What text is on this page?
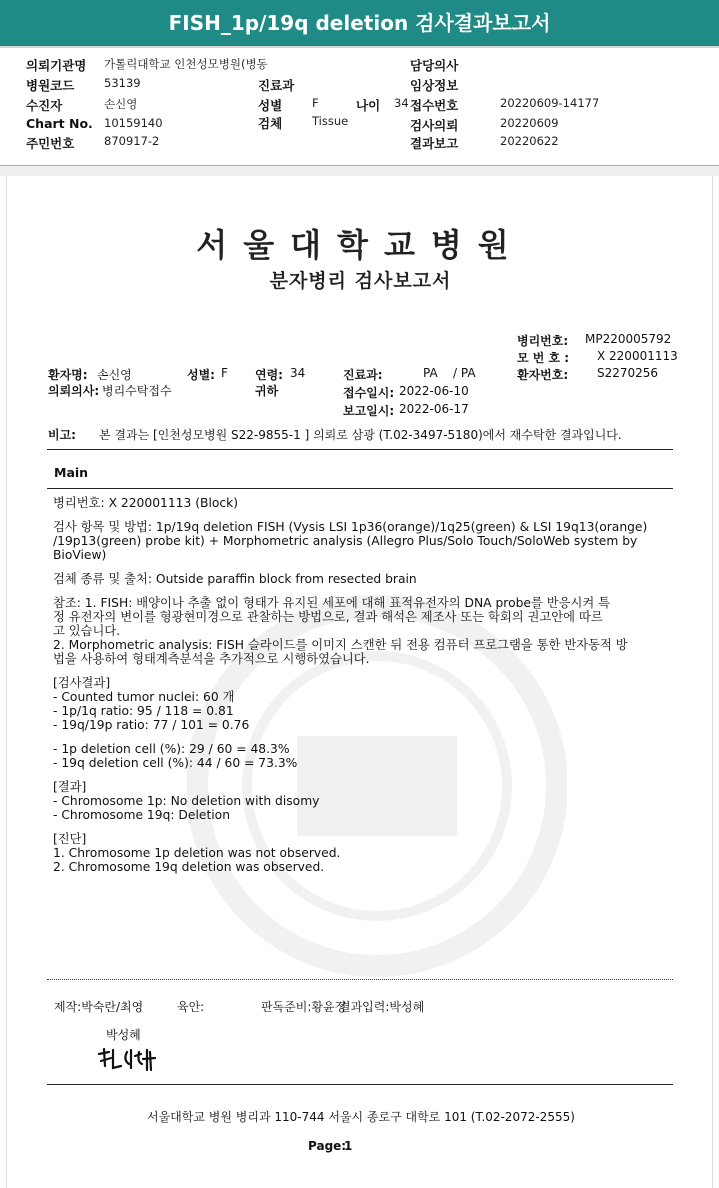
FISH_1p/19q deletion 검사결과보고서
의뢰기관명 가톨릭대학교 인천성모병원(병동	담당의사
병원코드	53139	진료과	임상정보
수진자	손신영	성별	F	나이 34 접수번호	20220609-14177
Chart No. 10159140	검체	Tissue	검사의뢰	20220609
주민번호	870917-2	결과보고	20220622
서울대학교병원
분자병리 검사보고서
병리번호: MP220005792
모 번 호 : X 220001113
환자명: 손신영	성별: F 연령: 34	진료과:	PA / PA	환자번호: S2270256
의뢰의사: 병리수탁접수	귀하	접수일시: 2022-06-10
보고일시: 2022-06-17
비고: 본 결과는 [인천성모병원 S22-9855-1 ] 의뢰로 삼광 (T.02-3497-5180)에서 재수탁한 결과입니다.
Main

병리번호: X 220001113 (Block)

검사 항목 및 방법: 1p/19q deletion FISH (Vysis LSI 1p36(orange)/1q25(green) & LSI 19q13(orange)

/19p13(green) probe kit) + Morphometric analysis (Allegro Plus/Solo Touch/SoloWeb system by

BioView)

검체 종류 및 출처: Outside paraffin block from resected brain

참조: 1. FISH: 배양이나 추출 없이 형태가 유지된 세포에 대해 표적유전자의 DNA probe를 반응시켜 특

정 유전자의 변이를 형광현미경으로 관찰하는 방법으로, 결과 해석은 제조사 또는 학회의 권고안에 따르

고 있습니다.

2. Morphometric analysis: FISH 슬라이드를 이미지 스캔한 뒤 전용 컴퓨터 프로그램을 통한 반자동적 방

법을 사용하여 형태계측분석을 추가적으로 시행하였습니다.

[검사결과]

- Counted tumor nuclei: 60 개

- 1p/1q ratio: 95 / 118 = 0.81

- 19q/19p ratio: 77 / 101 = 0.76

- 1p deletion cell (%): 29 / 60 = 48.3%

- 19q deletion cell (%): 44 / 60 = 73.3%

[결과]

- Chromosome 1p: No deletion with disomy

- Chromosome 19q: Deletion

[진단]

1. Chromosome 1p deletion was not observed.

2. Chromosome 19q deletion was observed.

제작:박숙란/최영	육안:	판독준비:황윤정
결과입력:박성혜
박성혜
서울대학교 병원 병리과 110-744 서울시 종로구 대학로 101 (T.02-2072-2555)
Page:
1
